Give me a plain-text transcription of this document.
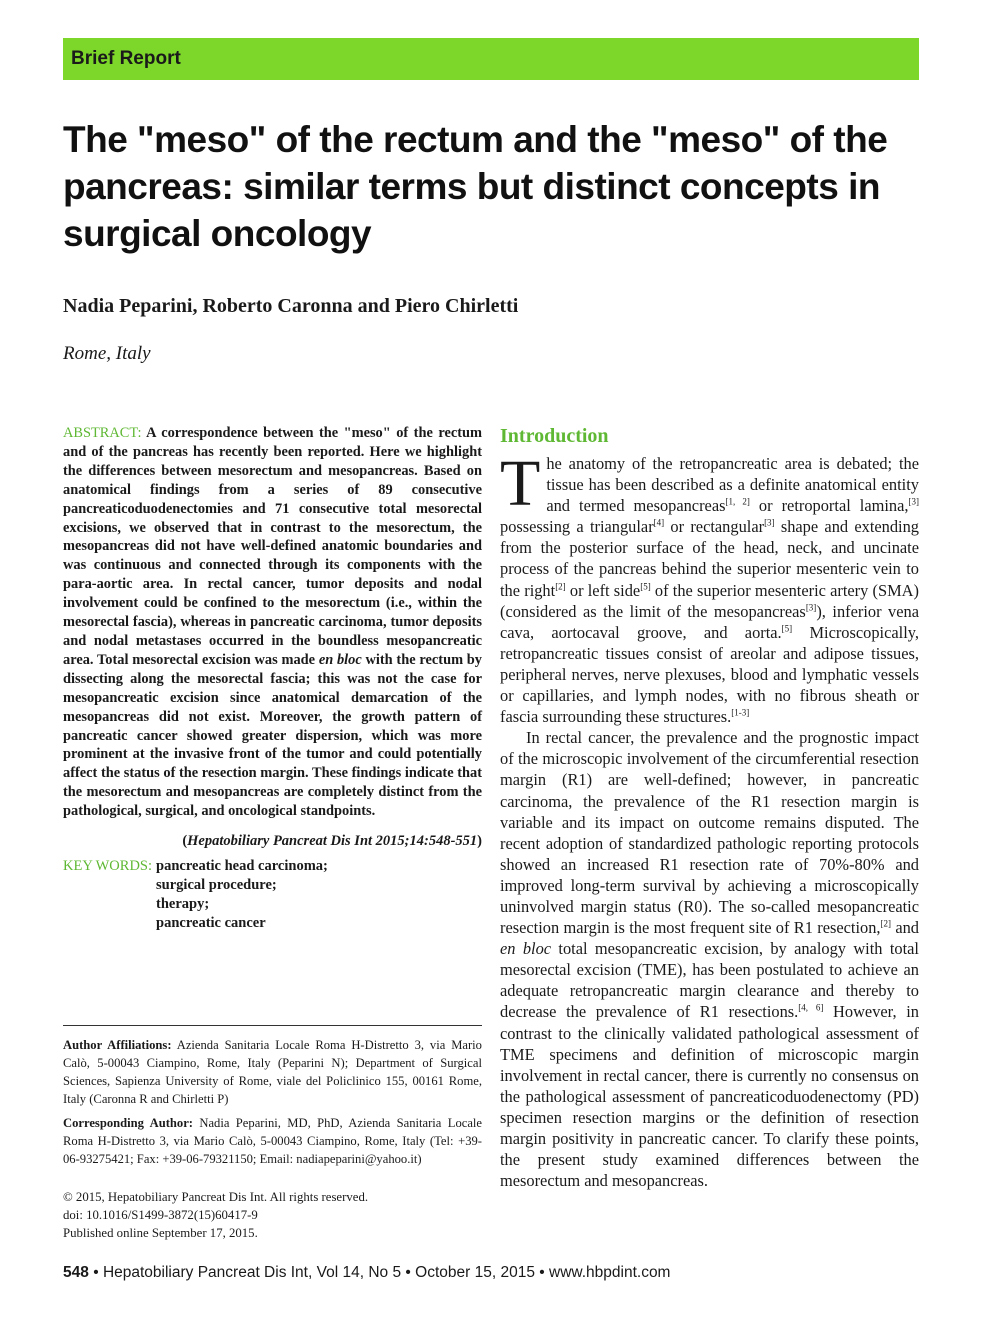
Brief Report
The "meso" of the rectum and the "meso" of the pancreas: similar terms but distinct concepts in surgical oncology

Nadia Peparini, Roberto Caronna and Piero Chirletti

Rome, Italy

ABSTRACT: A correspondence between the "meso" of the rectum and of the pancreas has recently been reported. Here we highlight the differences between mesorectum and mesopancreas. Based on anatomical findings from a series of 89 consecutive pancreaticoduodenectomies and 71 consecutive total mesorectal excisions, we observed that in contrast to the mesorectum, the mesopancreas did not have well-defined anatomic boundaries and was continuous and connected through its components with the para-aortic area. In rectal cancer, tumor deposits and nodal involvement could be confined to the mesorectum (i.e., within the mesorectal fascia), whereas in pancreatic carcinoma, tumor deposits and nodal metastases occurred in the boundless mesopancreatic area. Total mesorectal excision was made en bloc with the rectum by dissecting along the mesorectal fascia; this was not the case for mesopancreatic excision since anatomical demarcation of the mesopancreas did not exist. Moreover, the growth pattern of pancreatic cancer showed greater dispersion, which was more prominent at the invasive front of the tumor and could potentially affect the status of the resection margin. These findings indicate that the mesorectum and mesopancreas are completely distinct from the pathological, surgical, and oncological standpoints.

(Hepatobiliary Pancreat Dis Int 2015;14:548-551)

KEY WORDS: pancreatic head carcinoma;
surgical procedure;
therapy;
pancreatic cancer

Author Affiliations: Azienda Sanitaria Locale Roma H-Distretto 3, via Mario Calò, 5-00043 Ciampino, Rome, Italy (Peparini N); Department of Surgical Sciences, Sapienza University of Rome, viale del Policlinico 155, 00161 Rome, Italy (Caronna R and Chirletti P)

Corresponding Author: Nadia Peparini, MD, PhD, Azienda Sanitaria Locale Roma H-Distretto 3, via Mario Calò, 5-00043 Ciampino, Rome, Italy (Tel: +39-06-93275421; Fax: +39-06-79321150; Email: nadiapeparini@yahoo.it)

© 2015, Hepatobiliary Pancreat Dis Int. All rights reserved.
doi: 10.1016/S1499-3872(15)60417-9
Published online September 17, 2015.

Introduction

The anatomy of the retropancreatic area is debated; the tissue has been described as a definite anatomical entity and termed mesopancreas[1, 2] or retroportal lamina,[3] possessing a triangular[4] or rectangular[3] shape and extending from the posterior surface of the head, neck, and uncinate process of the pancreas behind the superior mesenteric vein to the right[2] or left side[5] of the superior mesenteric artery (SMA) (considered as the limit of the mesopancreas[3]), inferior vena cava, aortocaval groove, and aorta.[5] Microscopically, retropancreatic tissues consist of areolar and adipose tissues, peripheral nerves, nerve plexuses, blood and lymphatic vessels or capillaries, and lymph nodes, with no fibrous sheath or fascia surrounding these structures.[1-3]

In rectal cancer, the prevalence and the prognostic impact of the microscopic involvement of the circumferential resection margin (R1) are well-defined; however, in pancreatic carcinoma, the prevalence of the R1 resection margin is variable and its impact on outcome remains disputed. The recent adoption of standardized pathologic reporting protocols showed an increased R1 resection rate of 70%-80% and improved long-term survival by achieving a microscopically uninvolved margin status (R0). The so-called mesopancreatic resection margin is the most frequent site of R1 resection,[2] and en bloc total mesopancreatic excision, by analogy with total mesorectal excision (TME), has been postulated to achieve an adequate retropancreatic margin clearance and thereby to decrease the prevalence of R1 resections.[4, 6] However, in contrast to the clinically validated pathological assessment of TME specimens and definition of microscopic margin involvement in rectal cancer, there is currently no consensus on the pathological assessment of pancreaticoduodenectomy (PD) specimen resection margins or the definition of resection margin positivity in pancreatic cancer. To clarify these points, the present study examined differences between the mesorectum and mesopancreas.

548 • Hepatobiliary Pancreat Dis Int, Vol 14, No 5 • October 15, 2015 • www.hbpdint.com
